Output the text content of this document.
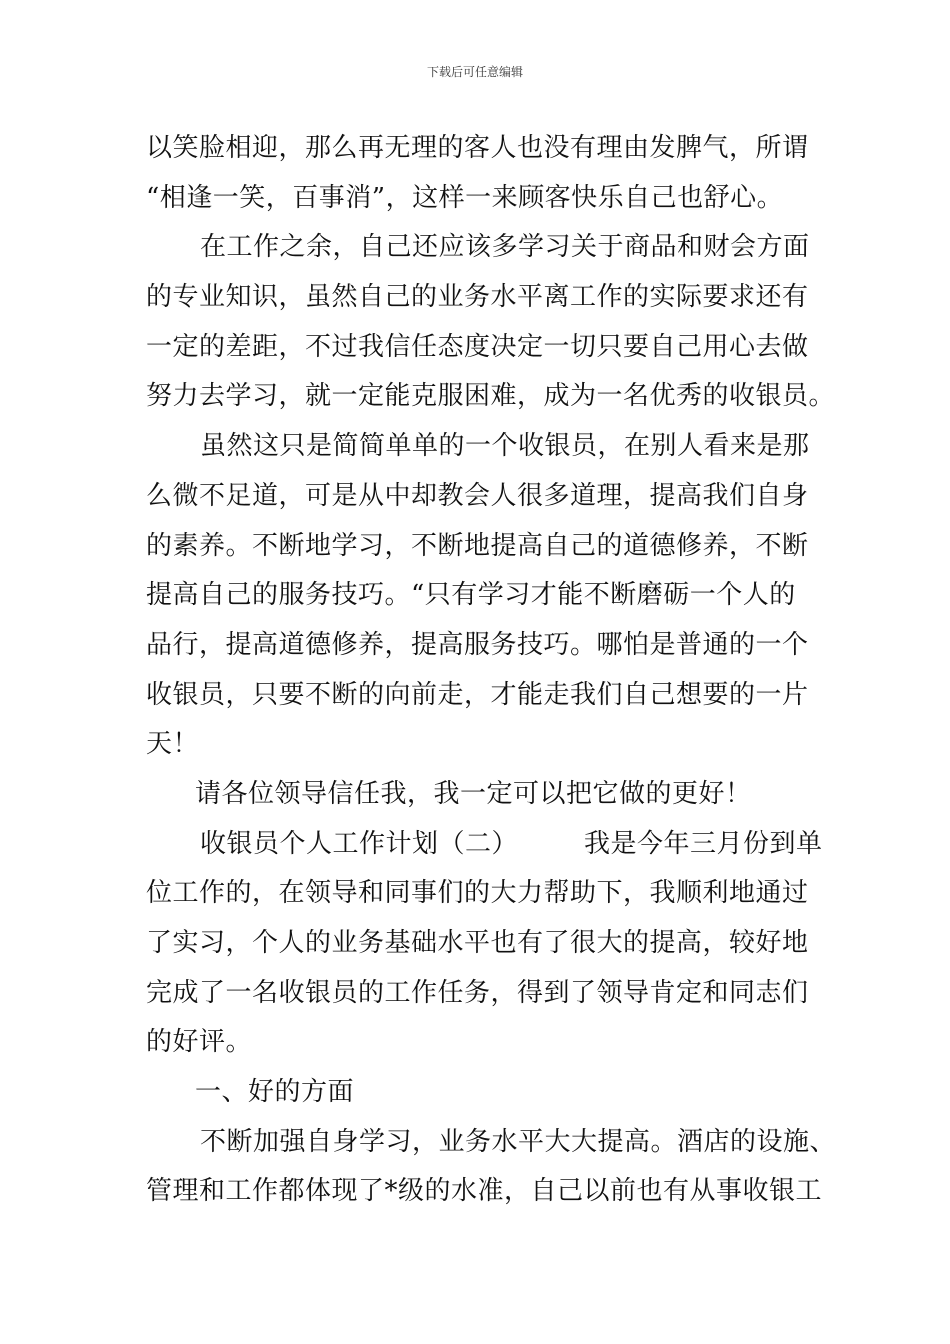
下载后可任意编辑
以笑脸相迎，那么再无理的客人也没有理由发脾气，所谓
“相逢一笑，百事消”，这样一来顾客快乐自己也舒心。
在工作之余，自己还应该多学习关于商品和财会方面
的专业知识，虽然自己的业务水平离工作的实际要求还有
一定的差距，不过我信任态度决定一切只要自己用心去做
努力去学习，就一定能克服困难，成为一名优秀的收银员。
虽然这只是简简单单的一个收银员，在别人看来是那
么微不足道，可是从中却教会人很多道理，提高我们自身
的素养。不断地学习，不断地提高自己的道德修养，不断
提高自己的服务技巧。“只有学习才能不断磨砺一个人的
品行，提高道德修养，提高服务技巧。哪怕是普通的一个
收银员，只要不断的向前走，才能走我们自己想要的一片
天！
请各位领导信任我，我一定可以把它做的更好！
收银员个人工作计划（二）	我是今年三月份到单
位工作的，在领导和同事们的大力帮助下，我顺利地通过
了实习，个人的业务基础水平也有了很大的提高，较好地
完成了一名收银员的工作任务，得到了领导肯定和同志们
的好评。
一、好的方面
不断加强自身学习，业务水平大大提高。酒店的设施、
管理和工作都体现了*级的水准，自己以前也有从事收银工
